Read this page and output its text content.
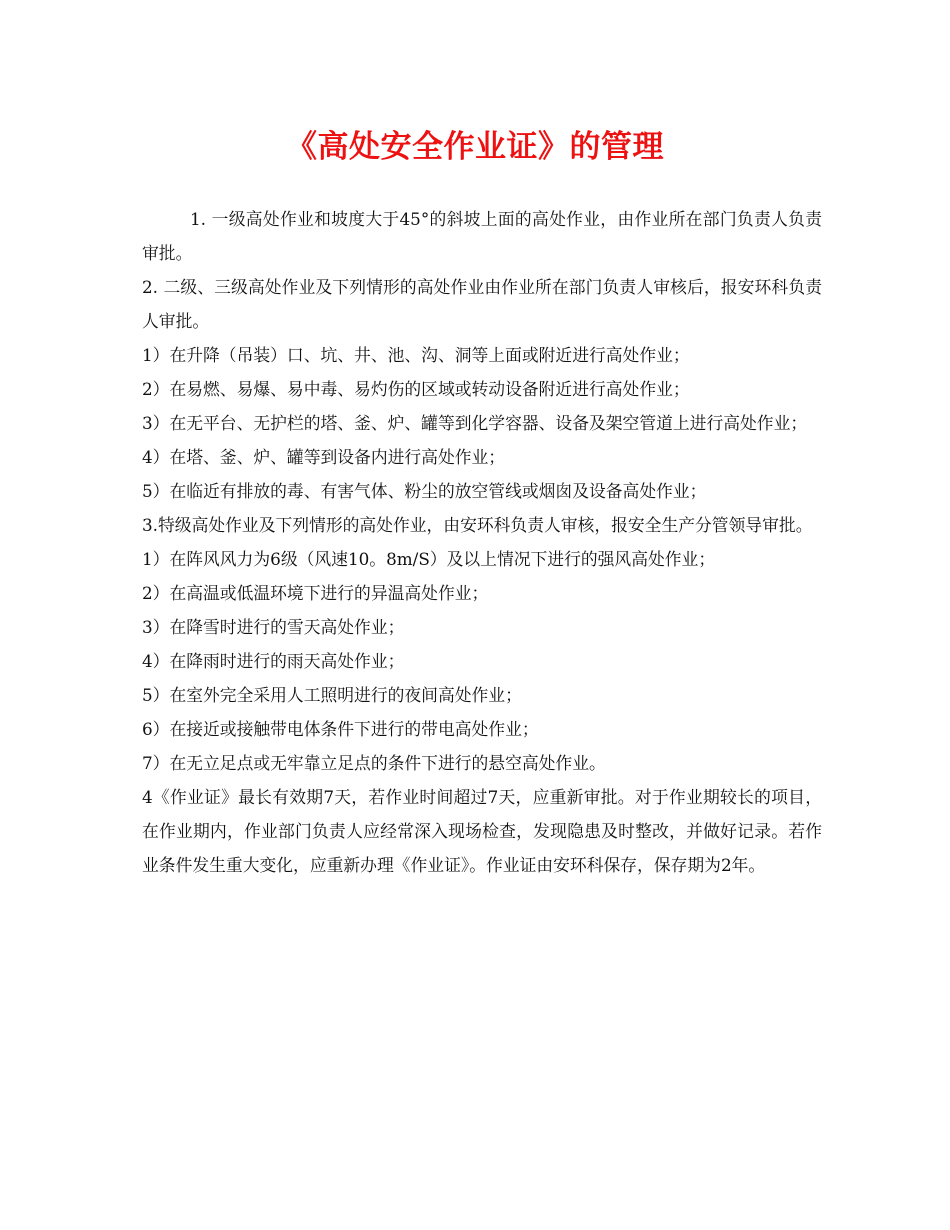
《高处安全作业证》的管理

1. 一级高处作业和坡度大于45°的斜坡上面的高处作业，由作业所在部门负责人负责审批。

2. 二级、三级高处作业及下列情形的高处作业由作业所在部门负责人审核后，报安环科负责人审批。

1）在升降（吊装）口、坑、井、池、沟、洞等上面或附近进行高处作业；

2）在易燃、易爆、易中毒、易灼伤的区域或转动设备附近进行高处作业；

3）在无平台、无护栏的塔、釜、炉、罐等到化学容器、设备及架空管道上进行高处作业；

4）在塔、釜、炉、罐等到设备内进行高处作业；

5）在临近有排放的毒、有害气体、粉尘的放空管线或烟囱及设备高处作业；

3.特级高处作业及下列情形的高处作业，由安环科负责人审核，报安全生产分管领导审批。

1）在阵风风力为6级（风速10。8m/S）及以上情况下进行的强风高处作业；

2）在高温或低温环境下进行的异温高处作业；

3）在降雪时进行的雪天高处作业；

4）在降雨时进行的雨天高处作业；

5）在室外完全采用人工照明进行的夜间高处作业；

6）在接近或接触带电体条件下进行的带电高处作业；

7）在无立足点或无牢靠立足点的条件下进行的悬空高处作业。

4《作业证》最长有效期7天，若作业时间超过7天，应重新审批。对于作业期较长的项目，在作业期内，作业部门负责人应经常深入现场检查，发现隐患及时整改，并做好记录。若作业条件发生重大变化，应重新办理《作业证》。作业证由安环科保存，保存期为2年。
